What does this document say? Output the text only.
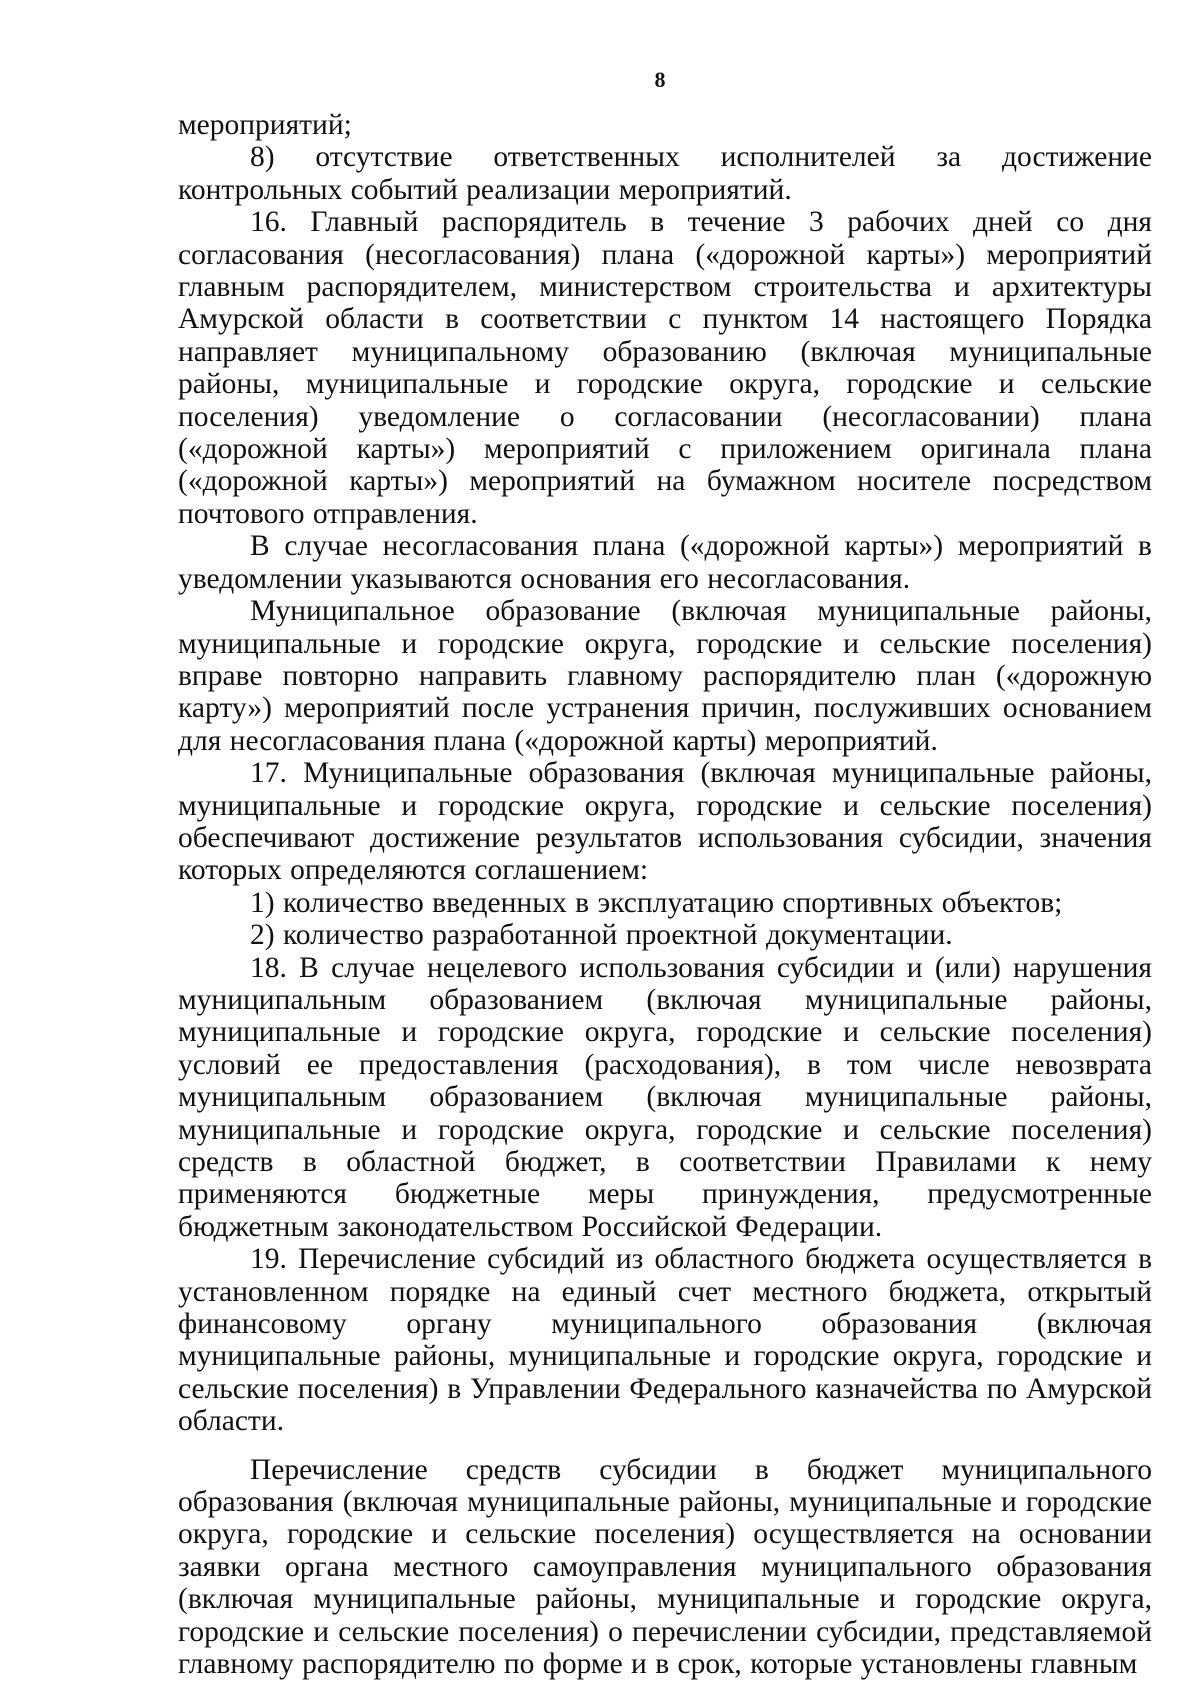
8

мероприятий;

8) отсутствие ответственных исполнителей за достижение контрольных событий реализации мероприятий.

16. Главный распорядитель в течение 3 рабочих дней со дня согласования (несогласования) плана («дорожной карты») мероприятий главным распорядителем, министерством строительства и архитектуры Амурской области в соответствии с пунктом 14 настоящего Порядка направляет муниципальному образованию (включая муниципальные районы, муниципальные и городские округа, городские и сельские поселения) уведомление о согласовании (несогласовании) плана («дорожной карты») мероприятий с приложением оригинала плана («дорожной карты») мероприятий на бумажном носителе посредством почтового отправления.

В случае несогласования плана («дорожной карты») мероприятий в уведомлении указываются основания его несогласования.

Муниципальное образование (включая муниципальные районы, муниципальные и городские округа, городские и сельские поселения) вправе повторно направить главному распорядителю план («дорожную карту») мероприятий после устранения причин, послуживших основанием для несогласования плана («дорожной карты) мероприятий.

17. Муниципальные образования (включая муниципальные районы, муниципальные и городские округа, городские и сельские поселения) обеспечивают достижение результатов использования субсидии, значения которых определяются соглашением:

1) количество введенных в эксплуатацию спортивных объектов;

2) количество разработанной проектной документации.

18. В случае нецелевого использования субсидии и (или) нарушения муниципальным образованием (включая муниципальные районы, муниципальные и городские округа, городские и сельские поселения) условий ее предоставления (расходования), в том числе невозврата муниципальным образованием (включая муниципальные районы, муниципальные и городские округа, городские и сельские поселения) средств в областной бюджет, в соответствии Правилами к нему применяются бюджетные меры принуждения, предусмотренные бюджетным законодательством Российской Федерации.

19. Перечисление субсидий из областного бюджета осуществляется в установленном порядке на единый счет местного бюджета, открытый финансовому органу муниципального образования (включая муниципальные районы, муниципальные и городские округа, городские и сельские поселения) в Управлении Федерального казначейства по Амурской области.

Перечисление средств субсидии в бюджет муниципального образования (включая муниципальные районы, муниципальные и городские округа, городские и сельские поселения) осуществляется на основании заявки органа местного самоуправления муниципального образования (включая муниципальные районы, муниципальные и городские округа, городские и сельские поселения) о перечислении субсидии, представляемой главному распорядителю по форме и в срок, которые установлены главным
